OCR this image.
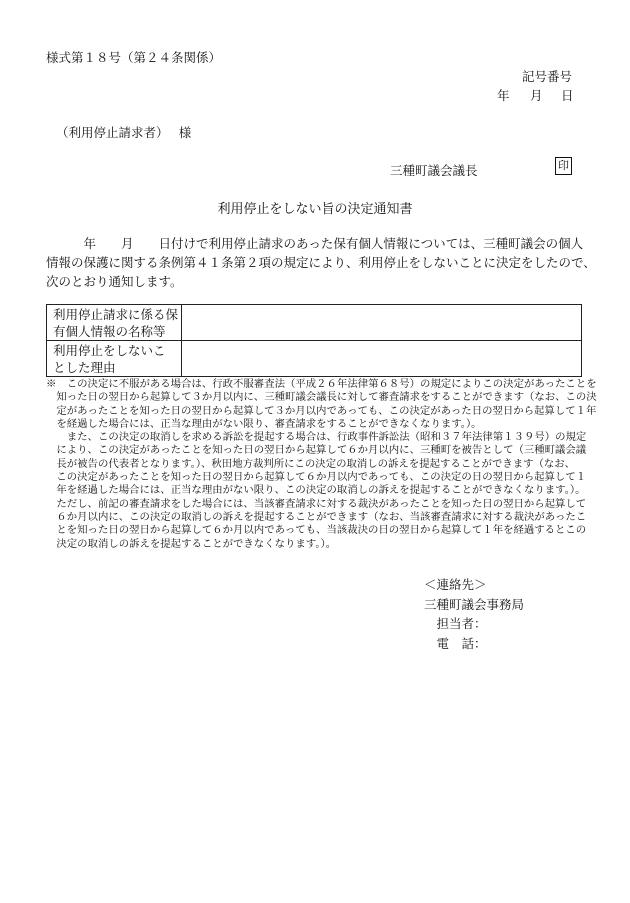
様式第１８号（第２４条関係）
記号番号
年 月 日
（利用停止請求者）　 様
三種町議会議長	印
利用停止をしない旨の決定通知書
　　　年　　月　　日付けで利用停止請求のあった保有個人情報については、三種町議会の個人
情報の保護に関する条例第４１条第２項の規定により、利用停止をしないことに決定をしたので、
次のとおり通知します。
利用停止請求に係る保
有個人情報の名称等	

利用停止をしないこ
とした理由	

※　この決定に不服がある場合は、行政不服審査法（平成２６年法律第６８号）の規定によりこの決定があったことを
　知った日の翌日から起算して３か月以内に、三種町議会議長に対して審査請求をすることができます（なお、この決
　定があったことを知った日の翌日から起算して３か月以内であっても、この決定があった日の翌日から起算して１年
　を経過した場合には、正当な理由がない限り、審査請求をすることができなくなります。）。
　　また、この決定の取消しを求める訴訟を提起する場合は、行政事件訴訟法（昭和３７年法律第１３９号）の規定
　により、この決定があったことを知った日の翌日から起算して６か月以内に、三種町を被告として（三種町議会議
　長が被告の代表者となります。）、秋田地方裁判所にこの決定の取消しの訴えを提起することができます（なお、
　この決定があったことを知った日の翌日から起算して６か月以内であっても、この決定の日の翌日から起算して１
　年を経過した場合には、正当な理由がない限り、この決定の取消しの訴えを提起することができなくなります。）。
　ただし、前記の審査請求をした場合には、当該審査請求に対する裁決があったことを知った日の翌日から起算して
　６か月以内に、この決定の取消しの訴えを提起することができます（なお、当該審査請求に対する裁決があったこ
　とを知った日の翌日から起算して６か月以内であっても、当該裁決の日の翌日から起算して１年を経過するとこの
　決定の取消しの訴えを提起することができなくなります。）。
＜連絡先＞
三種町議会事務局
　担当者：
　電　話：
